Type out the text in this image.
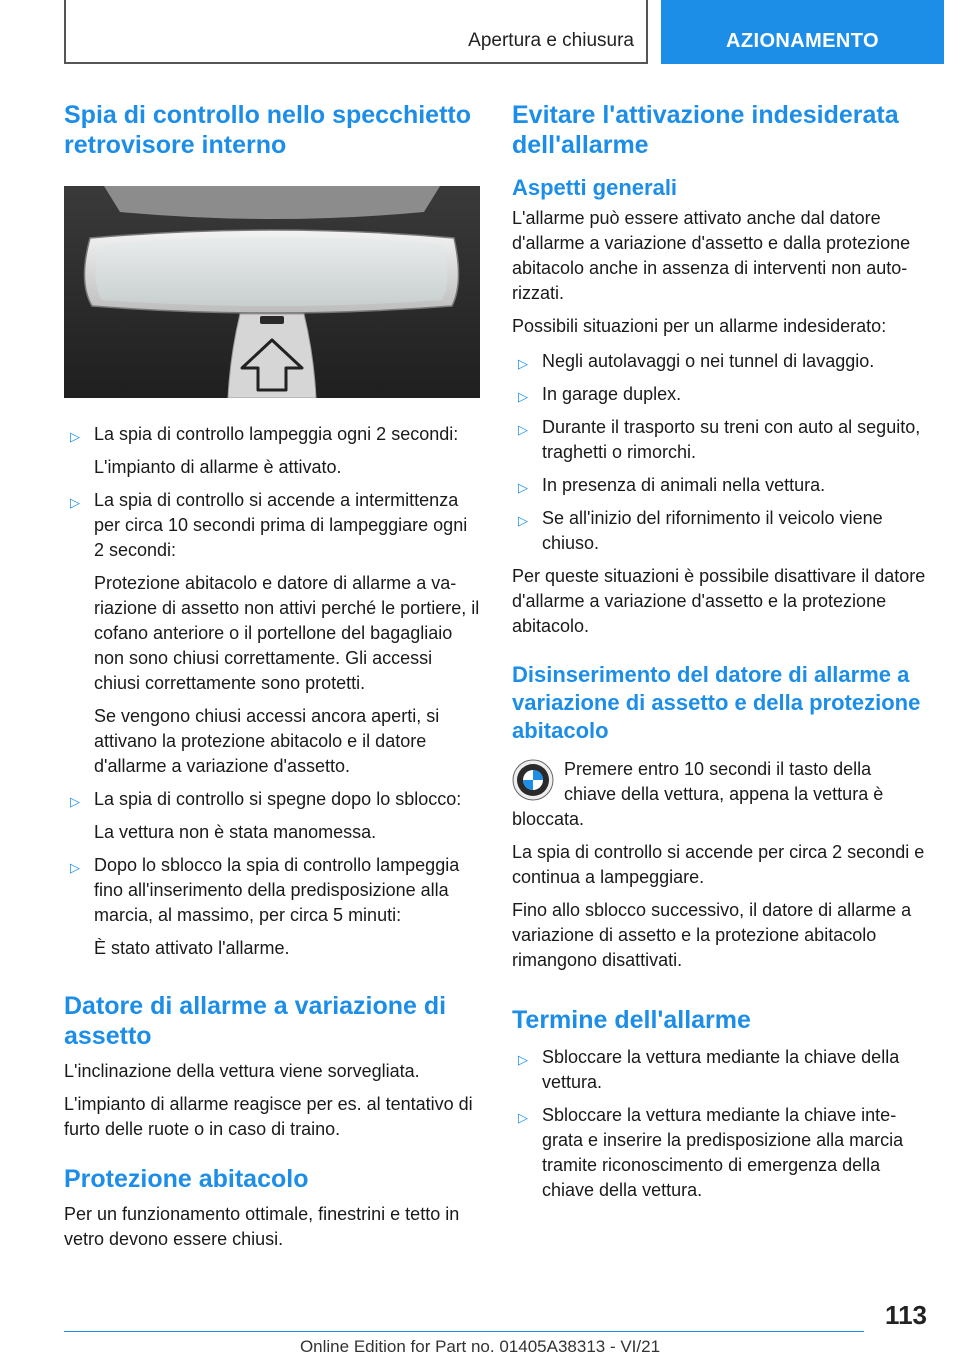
Apertura e chiusura	AZIONAMENTO
Spia di controllo nello specchietto retrovisore interno
▷ La spia di controllo lampeggia ogni 2 secondi:
L'impianto di allarme è attivato.
▷ La spia di controllo si accende a intermittenza per circa 10 secondi prima di lampeggiare ogni 2 secondi:
Protezione abitacolo e datore di allarme a variazione di assetto non attivi perché le portiere, il cofano anteriore o il portellone del bagagliaio non sono chiusi correttamente. Gli accessi chiusi correttamente sono protetti.
Se vengono chiusi accessi ancora aperti, si attivano la protezione abitacolo e il datore d'allarme a variazione d'assetto.
▷ La spia di controllo si spegne dopo lo sblocco:
La vettura non è stata manomessa.
▷ Dopo lo sblocco la spia di controllo lampeggia fino all'inserimento della predisposizione alla marcia, al massimo, per circa 5 minuti:
È stato attivato l'allarme.
Datore di allarme a variazione di assetto

L'inclinazione della vettura viene sorvegliata.

L'impianto di allarme reagisce per es. al tentativo di furto delle ruote o in caso di traino.

Protezione abitacolo

Per un funzionamento ottimale, finestrini e tetto in vetro devono essere chiusi.

Evitare l'attivazione indesiderata dell'allarme
Aspetti generali

L'allarme può essere attivato anche dal datore d'allarme a variazione d'assetto e dalla protezione abitacolo anche in assenza di interventi non autorizzati.

Possibili situazioni per un allarme indesiderato:

▷ Negli autolavaggi o nei tunnel di lavaggio.
▷ In garage duplex.
▷ Durante il trasporto su treni con auto al seguito, traghetti o rimorchi.
▷ In presenza di animali nella vettura.
▷ Se all'inizio del rifornimento il veicolo viene chiuso.

Per queste situazioni è possibile disattivare il datore d'allarme a variazione d'assetto e la protezione abitacolo.

Disinserimento del datore di allarme a variazione di assetto e della protezione abitacolo
Premere entro 10 secondi il tasto della chiave della vettura, appena la vettura è bloccata.

La spia di controllo si accende per circa 2 secondi e continua a lampeggiare.

Fino allo sblocco successivo, il datore di allarme a variazione di assetto e la protezione abitacolo rimangono disattivati.

Termine dell'allarme
▷ Sbloccare la vettura mediante la chiave della vettura.
▷ Sbloccare la vettura mediante la chiave integrata e inserire la predisposizione alla marcia tramite riconoscimento di emergenza della chiave della vettura.
113
Online Edition for Part no. 01405A38313 - VI/21
